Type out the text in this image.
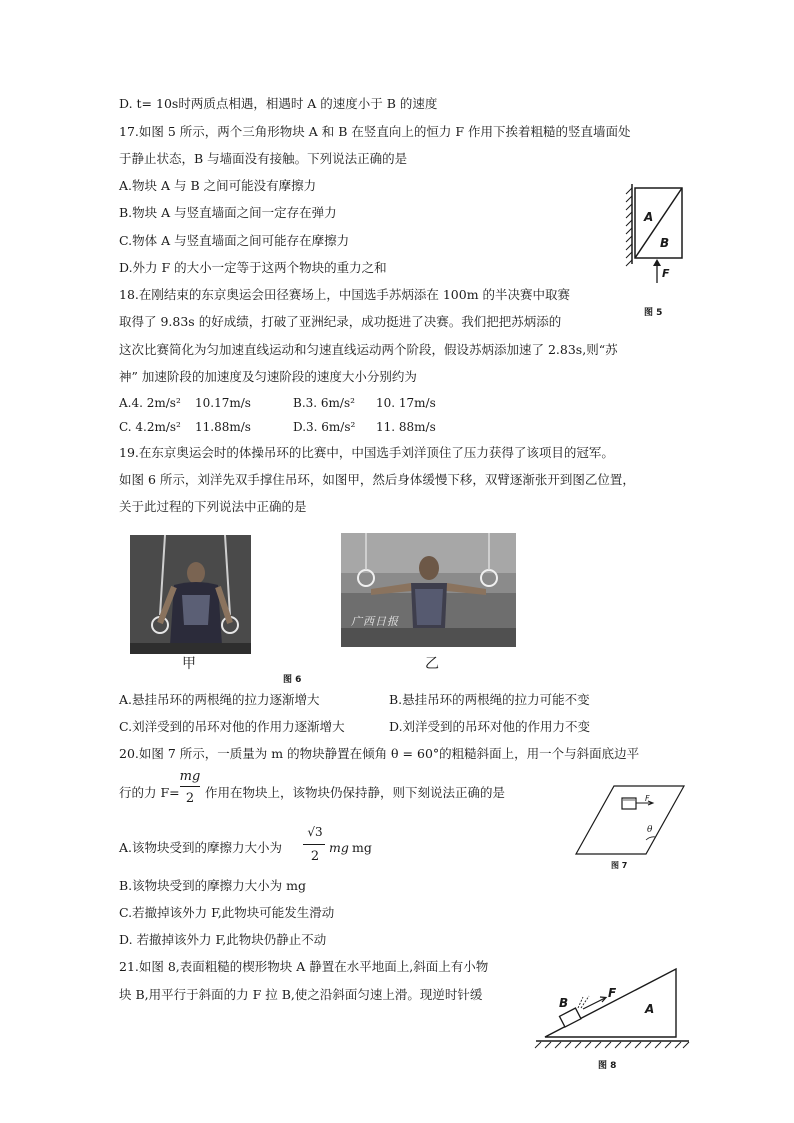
D. t= 10s时两质点相遇，相遇时 A 的速度小于 B 的速度
17.如图 5 所示，两个三角形物块 A 和 B 在竖直向上的恒力 F 作用下挨着粗糙的竖直墙面处
于静止状态，B 与墙面没有接触。下列说法正确的是
A.物块 A 与 B 之间可能没有摩擦力
B.物块 A 与竖直墙面之间一定存在弹力
C.物体 A 与竖直墙面之间可能存在摩擦力
D.外力 F 的大小一定等于这两个物块的重力之和
18.在刚结束的东京奥运会田径赛场上，中国选手苏炳添在 100m 的半决赛中取赛
取得了 9.83s 的好成绩，打破了亚洲纪录，成功挺进了决赛。我们把把苏炳添的
这次比赛简化为匀加速直线运动和匀速直线运动两个阶段，假设苏炳添加速了 2.83s,则“苏
神” 加速阶段的加速度及匀速阶段的速度大小分别约为
A.4. 2m/s² 10.17m/s	B.3. 6m/s² 10. 17m/s
C. 4.2m/s² 11.88m/s	D.3. 6m/s² 11. 88m/s
19.在东京奥运会时的体操吊环的比赛中，中国选手刘洋顶住了压力获得了该项目的冠军。
如图 6 所示，刘洋先双手撑住吊环，如图甲，然后身体缓慢下移，双臂逐渐张开到图乙位置，
关于此过程的下列说法中正确的是
广西日报
甲	乙
图 6
A.悬挂吊环的两根绳的拉力逐渐增大	B.悬挂吊环的两根绳的拉力可能不变
C.刘洋受到的吊环对他的作用力逐渐增大	D.刘洋受到的吊环对他的作用力不变
20.如图 7 所示，一质量为 m 的物块静置在倾角 θ = 60°的粗糙斜面上，用一个与斜面底边平
行的力 F=
mg
2 作用在物块上，该物块仍保持静，则下刻说法正确的是
A.该物块受到的摩擦力大小为
√3
2
mg mg
B.该物块受到的摩擦力大小为 mg
C.若撤掉该外力 F,此物块可能发生滑动
D. 若撤掉该外力 F,此物块仍静止不动
21.如图 8,表面粗糙的楔形物块 A 静置在水平地面上,斜面上有小物
块 B,用平行于斜面的力 F 拉 B,使之沿斜面匀速上滑。现逆时针缓
A
B
F
图 5
F
θ
图 7
B
F
A
图 8
